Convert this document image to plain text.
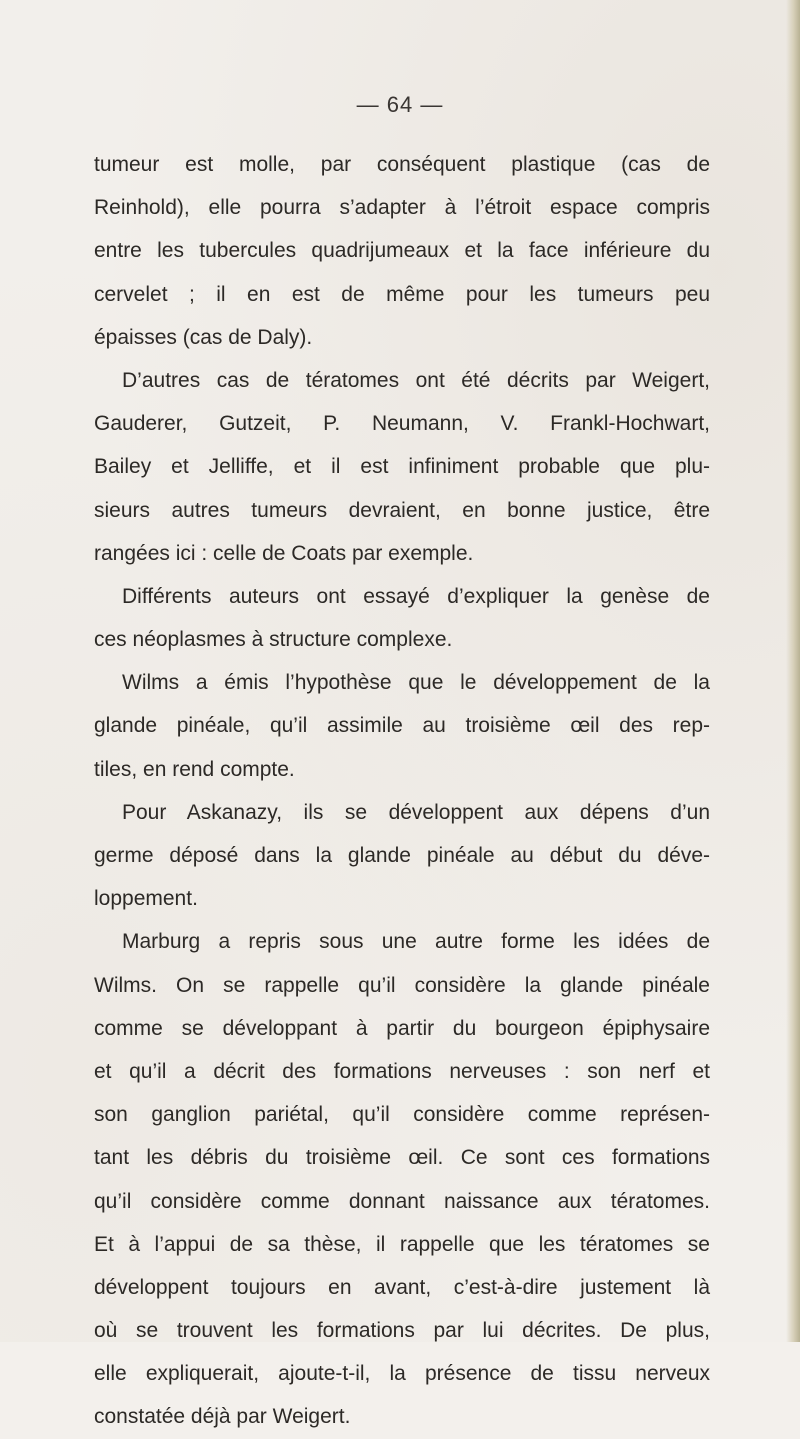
— 64 —
tumeur est molle, par conséquent plastique (cas de
Reinhold), elle pourra s’adapter à l’étroit espace compris
entre les tubercules quadrijumeaux et la face inférieure du
cervelet ; il en est de même pour les tumeurs peu
épaisses (cas de Daly).
D’autres cas de tératomes ont été décrits par Weigert,
Gauderer, Gutzeit, P. Neumann, V. Frankl-Hochwart,
Bailey et Jelliffe, et il est infiniment probable que plu-
sieurs autres tumeurs devraient, en bonne justice, être
rangées ici : celle de Coats par exemple.
Différents auteurs ont essayé d’expliquer la genèse de
ces néoplasmes à structure complexe.
Wilms a émis l’hypothèse que le développement de la
glande pinéale, qu’il assimile au troisième œil des rep-
tiles, en rend compte.
Pour Askanazy, ils se développent aux dépens d’un
germe déposé dans la glande pinéale au début du déve-
loppement.
Marburg a repris sous une autre forme les idées de
Wilms. On se rappelle qu’il considère la glande pinéale
comme se développant à partir du bourgeon épiphysaire
et qu’il a décrit des formations nerveuses : son nerf et
son ganglion pariétal, qu’il considère comme représen-
tant les débris du troisième œil. Ce sont ces formations
qu’il considère comme donnant naissance aux tératomes.
Et à l’appui de sa thèse, il rappelle que les tératomes se
développent toujours en avant, c’est-à-dire justement là
où se trouvent les formations par lui décrites. De plus,
elle expliquerait, ajoute-t-il, la présence de tissu nerveux
constatée déjà par Weigert.
